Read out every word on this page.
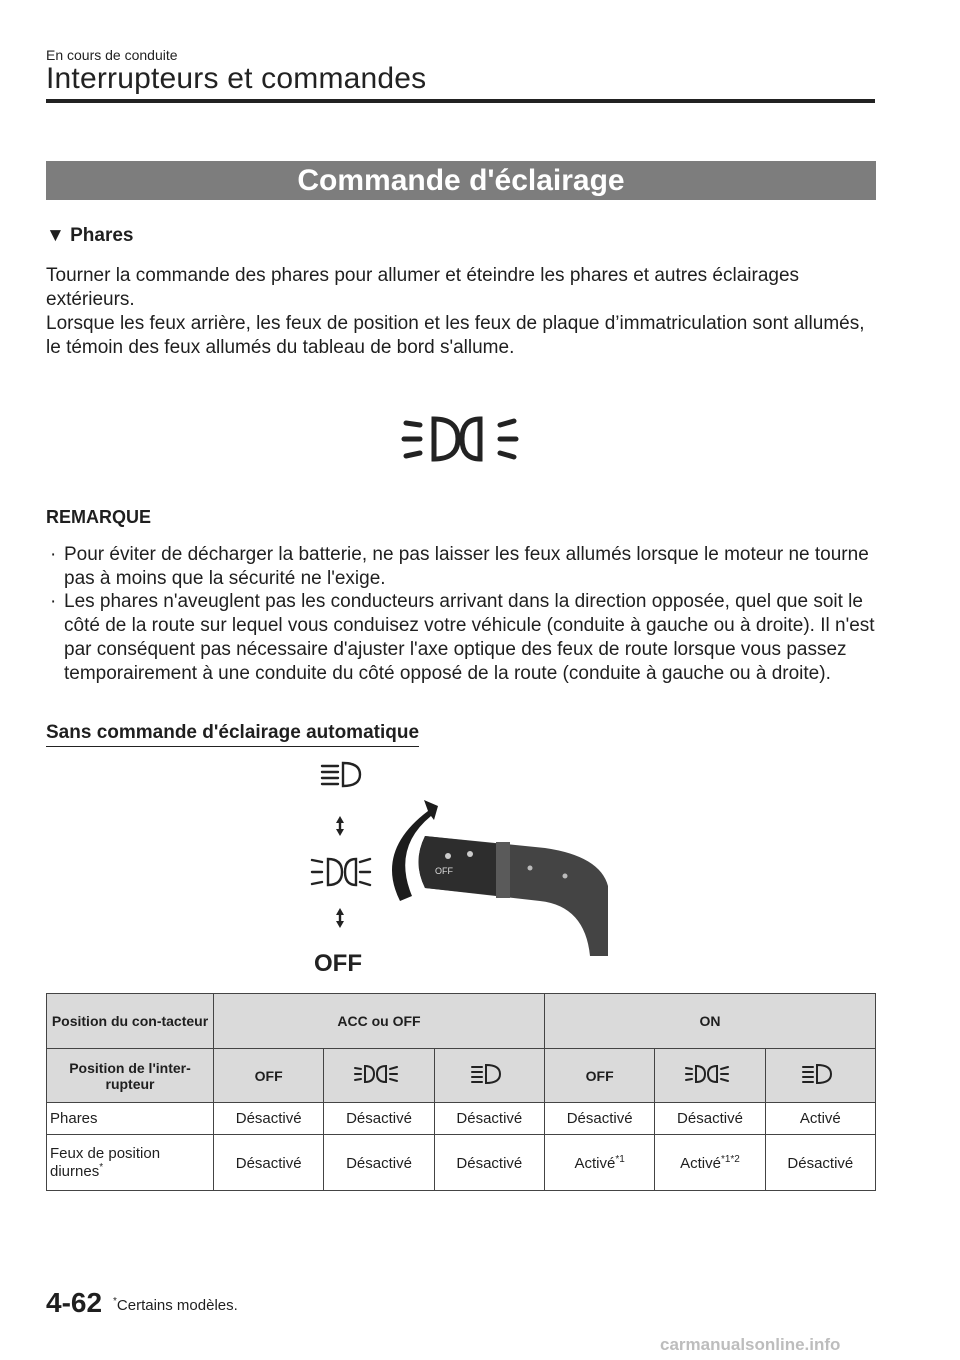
En cours de conduite
Interrupteurs et commandes
Commande d'éclairage
▼ Phares
Tourner la commande des phares pour allumer et éteindre les phares et autres éclairages extérieurs.
Lorsque les feux arrière, les feux de position et les feux de plaque d’immatriculation sont allumés, le témoin des feux allumés du tableau de bord s'allume.
REMARQUE
· Pour éviter de décharger la batterie, ne pas laisser les feux allumés lorsque le moteur ne tourne pas à moins que la sécurité ne l'exige.
· Les phares n'aveuglent pas les conducteurs arrivant dans la direction opposée, quel que soit le côté de la route sur lequel vous conduisez votre véhicule (conduite à gauche ou à droite). Il n'est par conséquent pas nécessaire d'ajuster l'axe optique des feux de route lorsque vous passez temporairement à une conduite du côté opposé de la route (conduite à gauche ou à droite).
Sans commande d'éclairage automatique
OFF
OFF
Position du con-tacteur	ACC ou OFF			ON		
Position de l'inter-rupteur	OFF			OFF		
Phares	Désactivé	Désactivé	Désactivé	Désactivé	Désactivé	Activé
Feux de position diurnes*	Désactivé	Désactivé	Désactivé	Activé$^{*1}$	Activé$^{*1*2}$	Désactivé
4-62 *Certains modèles.
carmanualsonline.info
